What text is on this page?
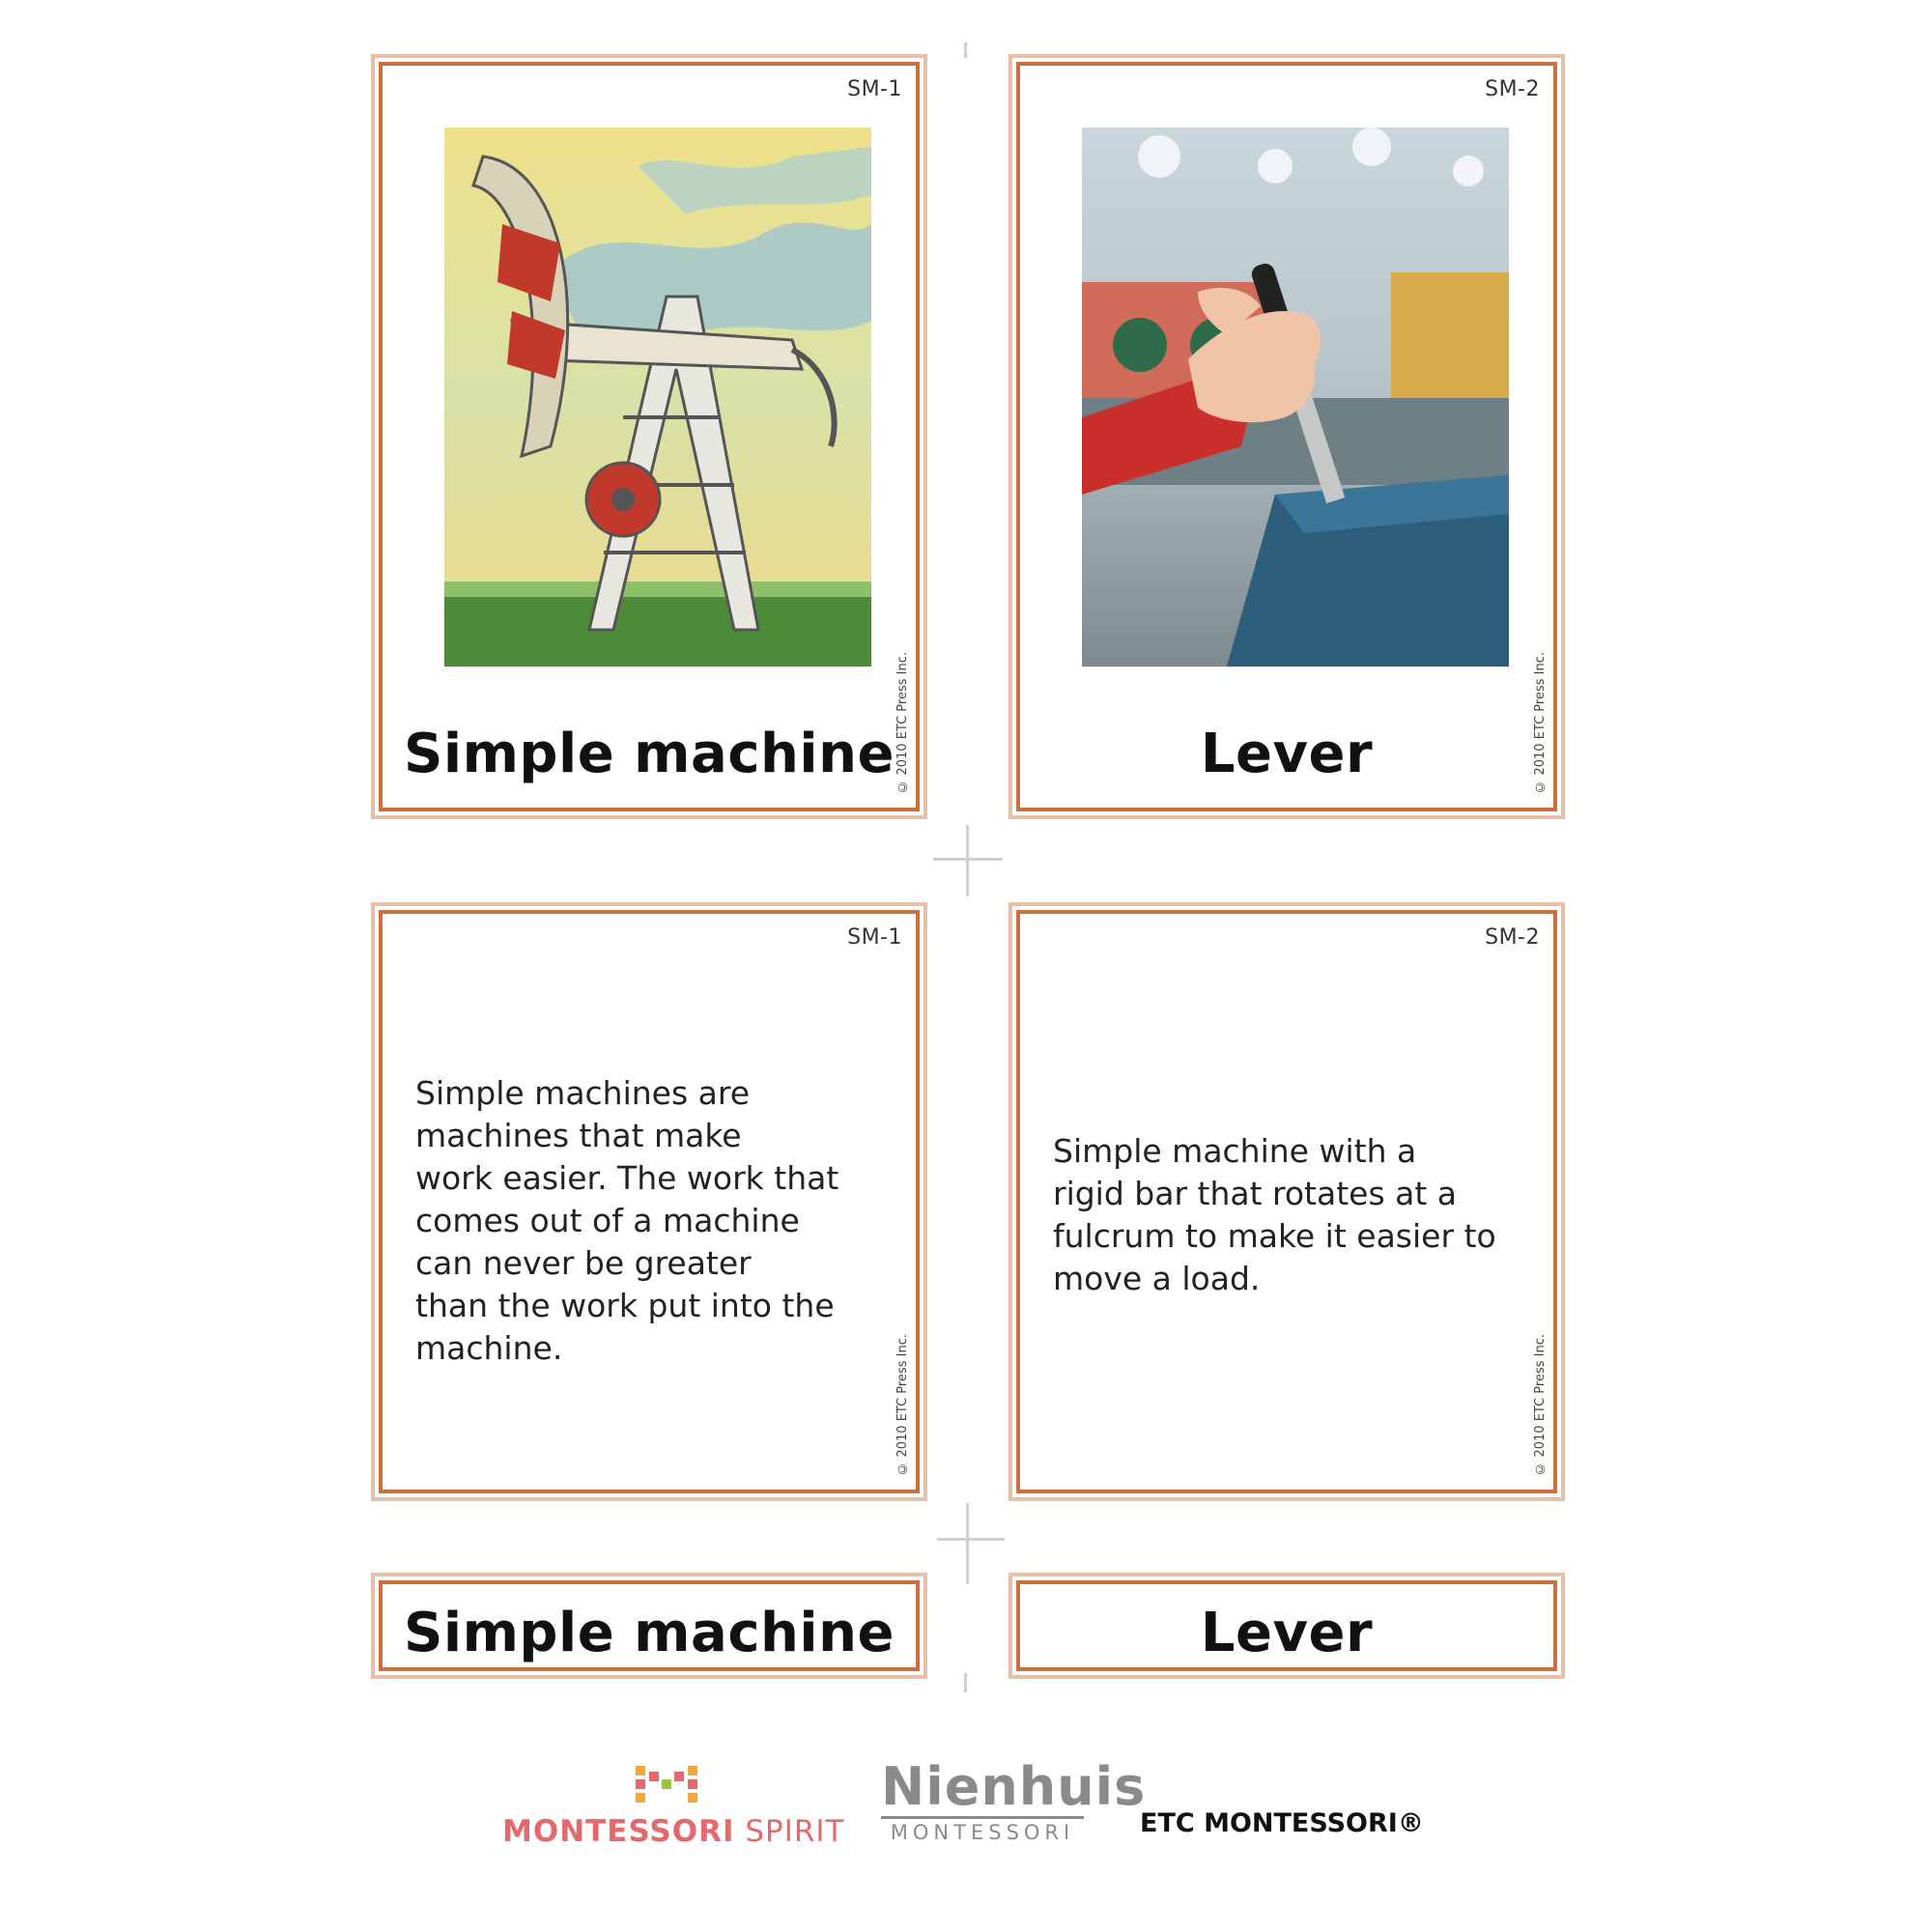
SM-1
Simple machine © 2010 ETC Press Inc.
SM-2
Lever	© 2010 ETC Press Inc.
SM-1
Simple machines are
machines that make
work easier. The work that
comes out of a machine
can never be greater
than the work put into the
machine.	© 2010 ETC Press Inc.
SM-2
Simple machine with a
rigid bar that rotates at a
fulcrum to make it easier to
move a load.
© 2010 ETC Press Inc.
Simple machine	Lever
MONTESSORI SPIRIT
Nienhuis
MONTESSORI	ETC MONTESSORI®
